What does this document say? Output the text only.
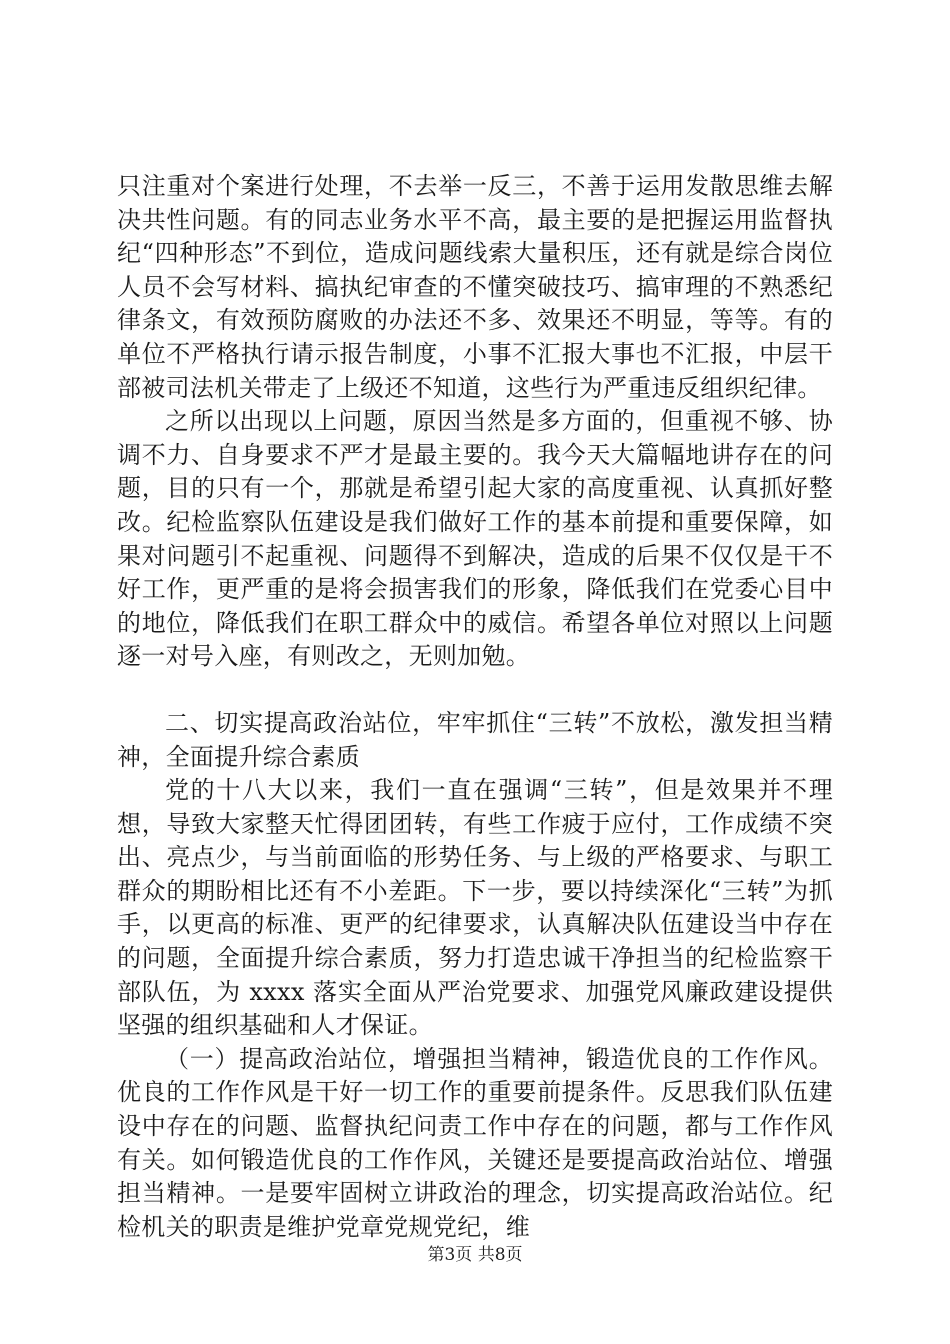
只注重对个案进行处理，不去举一反三，不善于运用发散思维去解决共性问题。有的同志业务水平不高，最主要的是把握运用监督执纪“四种形态”不到位，造成问题线索大量积压，还有就是综合岗位人员不会写材料、搞执纪审查的不懂突破技巧、搞审理的不熟悉纪律条文，有效预防腐败的办法还不多、效果还不明显，等等。有的单位不严格执行请示报告制度，小事不汇报大事也不汇报，中层干部被司法机关带走了上级还不知道，这些行为严重违反组织纪律。

之所以出现以上问题，原因当然是多方面的，但重视不够、协调不力、自身要求不严才是最主要的。我今天大篇幅地讲存在的问题，目的只有一个，那就是希望引起大家的高度重视、认真抓好整改。纪检监察队伍建设是我们做好工作的基本前提和重要保障，如果对问题引不起重视、问题得不到解决，造成的后果不仅仅是干不好工作，更严重的是将会损害我们的形象，降低我们在党委心目中的地位，降低我们在职工群众中的威信。希望各单位对照以上问题逐一对号入座，有则改之，无则加勉。

二、切实提高政治站位，牢牢抓住“三转”不放松，激发担当精神，全面提升综合素质

党的十八大以来，我们一直在强调“三转”，但是效果并不理想，导致大家整天忙得团团转，有些工作疲于应付，工作成绩不突出、亮点少，与当前面临的形势任务、与上级的严格要求、与职工群众的期盼相比还有不小差距。下一步，要以持续深化“三转”为抓手，以更高的标准、更严的纪律要求，认真解决队伍建设当中存在的问题，全面提升综合素质，努力打造忠诚干净担当的纪检监察干部队伍，为 xxxx 落实全面从严治党要求、加强党风廉政建设提供坚强的组织基础和人才保证。

（一）提高政治站位，增强担当精神，锻造优良的工作作风。优良的工作作风是干好一切工作的重要前提条件。反思我们队伍建设中存在的问题、监督执纪问责工作中存在的问题，都与工作作风有关。如何锻造优良的工作作风，关键还是要提高政治站位、增强担当精神。一是要牢固树立讲政治的理念，切实提高政治站位。纪检机关的职责是维护党章党规党纪，维

第3页 共8页
